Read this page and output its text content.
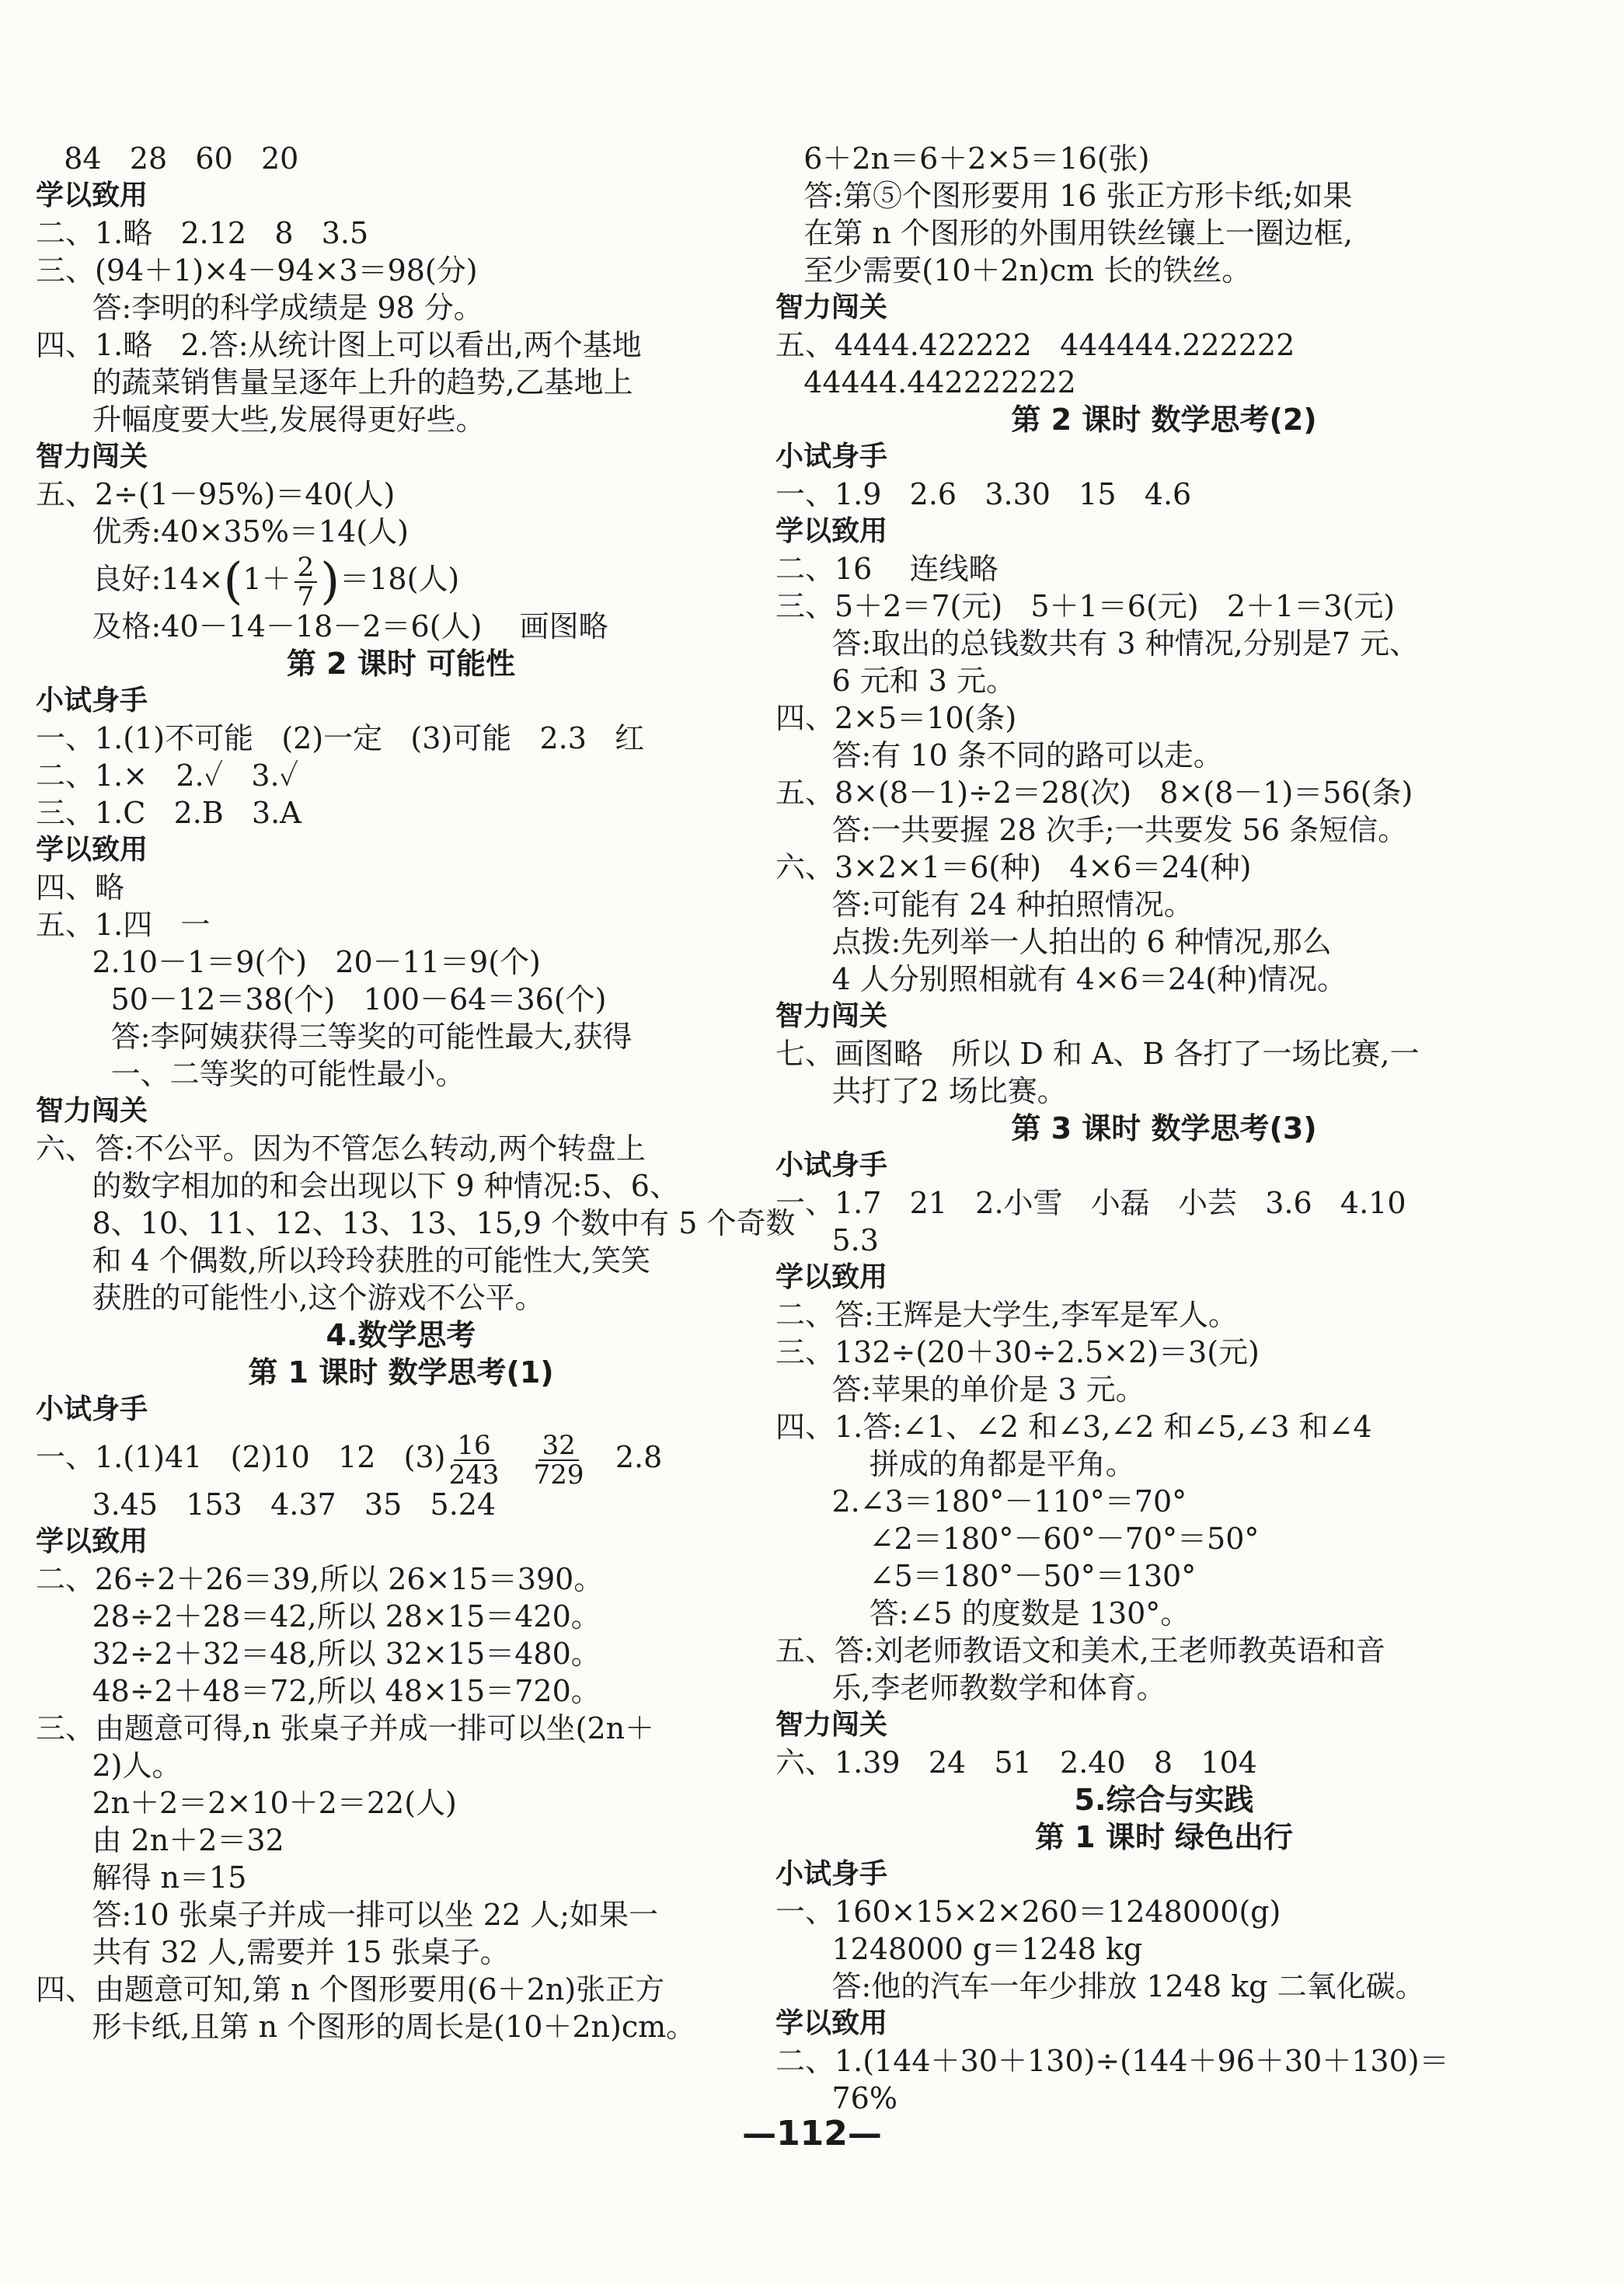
84   28   60   20
学以致用
二、1.略   2.12   8   3.5
三、(94＋1)×4－94×3＝98(分)
答:李明的科学成绩是 98 分。
四、1.略   2.答:从统计图上可以看出,两个基地
的蔬菜销售量呈逐年上升的趋势,乙基地上
升幅度要大些,发展得更好些。
智力闯关
五、2÷(1－95%)＝40(人)
优秀:40×35%＝14(人)
良好:14×(1＋ $\frac{2}{7} )=18$(人)
及格:40－14－18－2＝6(人)    画图略
第 2 课时 可能性
小试身手
一、1.(1)不可能   (2)一定   (3)可能   2.3   红
二、1.×   2.✓   3.✓
三、1.C   2.B   3.A
学以致用
四、略
五、1.四   一
2.10－1＝9(个)   20－11＝9(个)
50－12＝38(个)   100－64＝36(个)
答:李阿姨获得三等奖的可能性最大,获得
一、二等奖的可能性最小。
智力闯关
六、答:不公平。因为不管怎么转动,两个转盘上
的数字相加的和会出现以下 9 种情况:5、6、
8、10、11、12、13、13、15,9 个数中有 5 个奇数
和 4 个偶数,所以玲玲获胜的可能性大,笑笑
获胜的可能性小,这个游戏不公平。
4.数学思考
第 1 课时 数学思考(1)
小试身手
一、1.(1)41   (2)10   12   $(3) \frac{16}{243}$
$\frac{32}{729} 2.8$
3.45   153   4.37   35   5.24
学以致用
二、26÷2＋26＝39,所以 26×15＝390。
28÷2＋28＝42,所以 28×15＝420。
32÷2＋32＝48,所以 32×15＝480。
48÷2＋48＝72,所以 48×15＝720。
三、由题意可得,n 张桌子并成一排可以坐(2n＋
2)人。
2n＋2＝2×10＋2＝22(人)
由 2n＋2＝32
解得 n＝15
答:10 张桌子并成一排可以坐 22 人;如果一
共有 32 人,需要并 15 张桌子。
四、由题意可知,第 n 个图形要用(6＋2n)张正方
形卡纸,且第 n 个图形的周长是(10＋2n)cm。
6＋2n＝6＋2×5＝16(张)
答:第⑤个图形要用 16 张正方形卡纸;如果
在第 n 个图形的外围用铁丝镶上一圈边框,
至少需要(10＋2n)cm 长的铁丝。
智力闯关
五、4444.422222   444444.222222
44444.442222222
第 2 课时 数学思考(2)
小试身手
一、1.9   2.6   3.30   15   4.6
学以致用
二、16    连线略
三、5＋2＝7(元)   5＋1＝6(元)   2＋1＝3(元)
答:取出的总钱数共有 3 种情况,分别是7 元、
6 元和 3 元。
四、2×5＝10(条)
答:有 10 条不同的路可以走。
五、8×(8－1)÷2＝28(次)   8×(8－1)＝56(条)
答:一共要握 28 次手;一共要发 56 条短信。
六、3×2×1＝6(种)   4×6＝24(种)
答:可能有 24 种拍照情况。
点拨:先列举一人拍出的 6 种情况,那么
4 人分别照相就有 4×6＝24(种)情况。
智力闯关
七、画图略   所以 D 和 A、B 各打了一场比赛,一
共打了2 场比赛。
第 3 课时 数学思考(3)
小试身手
一、1.7   21   2.小雪   小磊   小芸   3.6   4.10
5.3
学以致用
二、答:王辉是大学生,李军是军人。
三、132÷(20＋30÷2.5×2)＝3(元)
答:苹果的单价是 3 元。
四、1.答:∠1、∠2 和∠3,∠2 和∠5,∠3 和∠4
拼成的角都是平角。
2.∠3＝180°－110°＝70°
∠2＝180°－60°－70°＝50°
∠5＝180°－50°＝130°
答:∠5 的度数是 130°。
五、答:刘老师教语文和美术,王老师教英语和音
乐,李老师教数学和体育。
智力闯关
六、1.39   24   51   2.40   8   104
5.综合与实践
第 1 课时 绿色出行
小试身手
一、160×15×2×260＝1248000(g)
1248000 g＝1248 kg
答:他的汽车一年少排放 1248 kg 二氧化碳。
学以致用
二、1.(144＋30＋130)÷(144＋96＋30＋130)＝
76%
—112—
